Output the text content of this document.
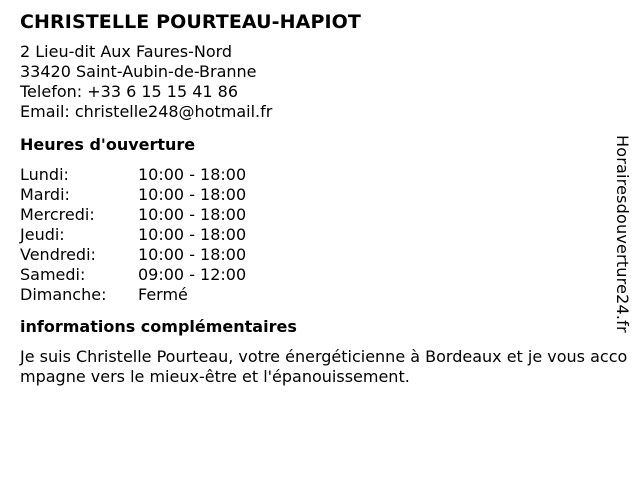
CHRISTELLE POURTEAU-HAPIOT
2 Lieu-dit Aux Faures-Nord
33420 Saint-Aubin-de-Branne
Telefon: +33 6 15 15 41 86
Email: christelle248@hotmail.fr
Heures d'ouverture
Lundi:	10:00 - 18:00
Mardi:	10:00 - 18:00
Mercredi:	10:00 - 18:00
Jeudi:	10:00 - 18:00
Vendredi:	10:00 - 18:00
Samedi:	09:00 - 12:00
Dimanche:	Fermé
informations complémentaires
Je suis Christelle Pourteau, votre énergéticienne à Bordeaux et je vous accompagne vers le mieux-être et l'épanouissement.
Horairesdouverture24.fr
